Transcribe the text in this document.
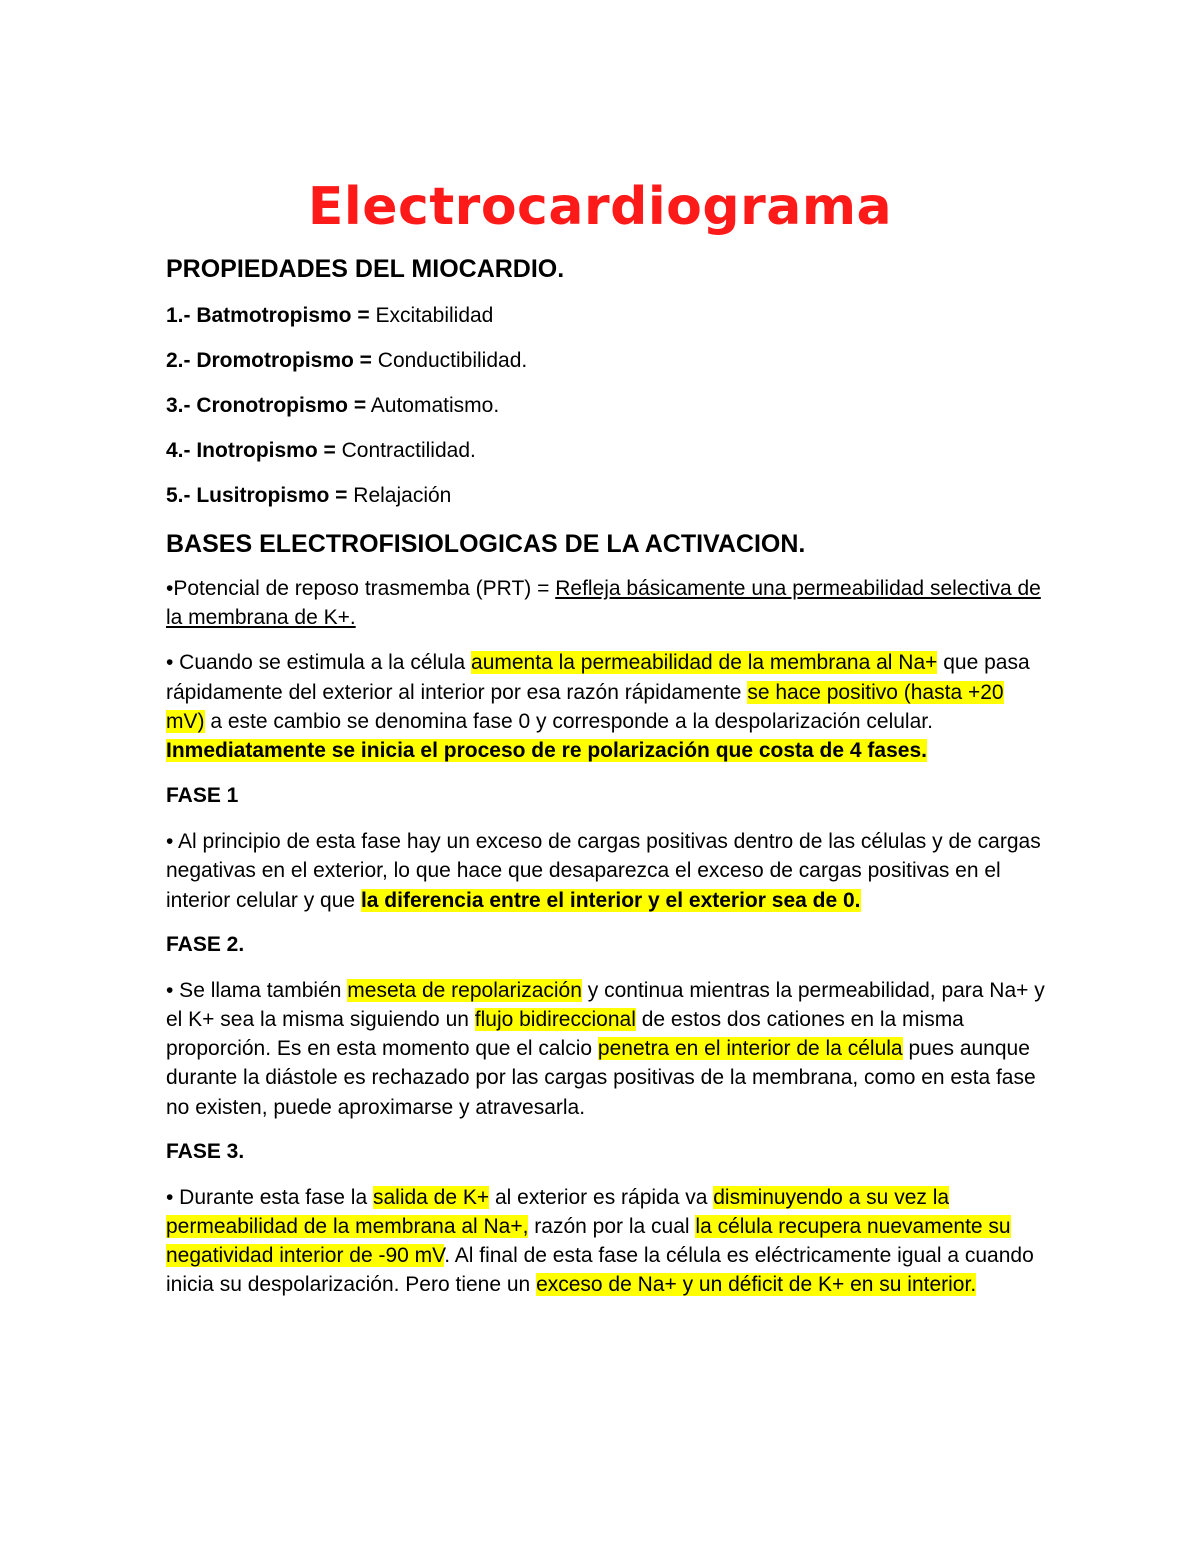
Electrocardiograma

PROPIEDADES DEL MIOCARDIO.

1.- Batmotropismo = Excitabilidad

2.- Dromotropismo = Conductibilidad.

3.- Cronotropismo = Automatismo.

4.- Inotropismo = Contractilidad.

5.- Lusitropismo = Relajación

BASES ELECTROFISIOLOGICAS DE LA ACTIVACION.

•Potencial de reposo trasmemba (PRT) = Refleja básicamente una permeabilidad selectiva de la membrana de K+.

• Cuando se estimula a la célula aumenta la permeabilidad de la membrana al Na+ que pasa rápidamente del exterior al interior por esa razón rápidamente se hace positivo (hasta +20 mV) a este cambio se denomina fase 0 y corresponde a la despolarización celular. Inmediatamente se inicia el proceso de re polarización que costa de 4 fases.

FASE 1

• Al principio de esta fase hay un exceso de cargas positivas dentro de las células y de cargas negativas en el exterior, lo que hace que desaparezca el exceso de cargas positivas en el interior celular y que la diferencia entre el interior y el exterior sea de 0.

FASE 2.

• Se llama también meseta de repolarización y continua mientras la permeabilidad, para Na+ y el K+ sea la misma siguiendo un flujo bidireccional de estos dos cationes en la misma proporción. Es en esta momento que el calcio penetra en el interior de la célula pues aunque durante la diástole es rechazado por las cargas positivas de la membrana, como en esta fase no existen, puede aproximarse y atravesarla.

FASE 3.

• Durante esta fase la salida de K+ al exterior es rápida va disminuyendo a su vez la permeabilidad de la membrana al Na+, razón por la cual la célula recupera nuevamente su negatividad interior de -90 mV. Al final de esta fase la célula es eléctricamente igual a cuando inicia su despolarización. Pero tiene un exceso de Na+ y un déficit de K+ en su interior.
